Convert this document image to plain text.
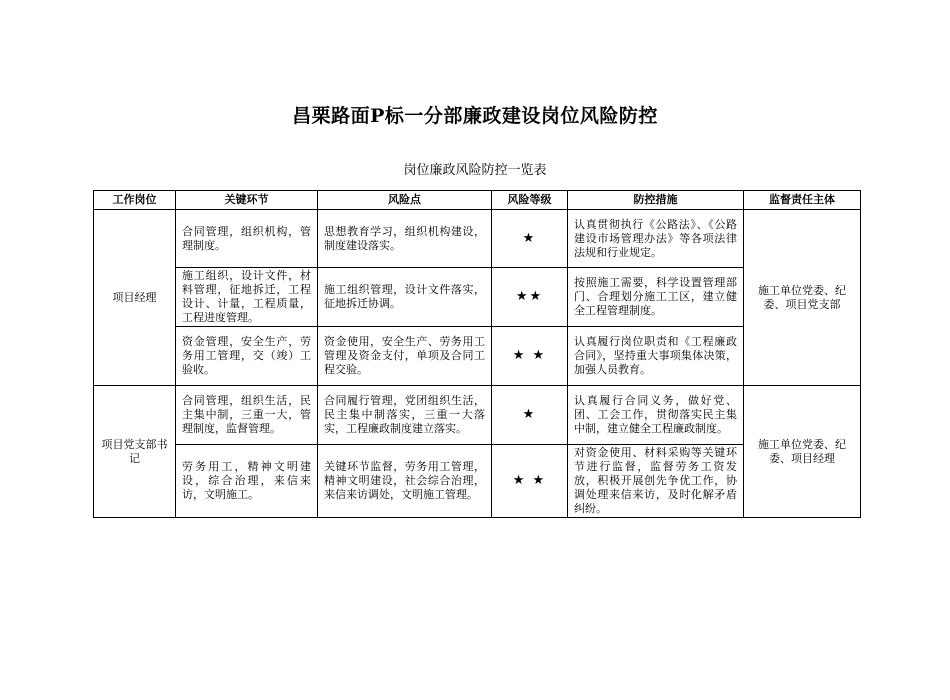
昌栗路面P标一分部廉政建设岗位风险防控
岗位廉政风险防控一览表
工作岗位	关键环节	风险点	风险等级	防控措施	监督责任主体
项目经理	合同管理，组织机构，管理制度。	思想教育学习，组织机构建设，制度建设落实。	★	认真贯彻执行《公路法》、《公路建设市场管理办法》等各项法律法规和行业规定。	施工单位党委、纪委、项目党支部
	施工组织，设计文件，材料管理，征地拆迁，工程设计、计量，工程质量，工程进度管理。	施工组织管理，设计文件落实，征地拆迁协调。	★★	按照施工需要，科学设置管理部门、合理划分施工工区，建立健全工程管理制度。	
	资金管理，安全生产，劳务用工管理，交（竣）工验收。	资金使用，安全生产、劳务用工管理及资金支付，单项及合同工程交验。	★ ★	认真履行岗位职责和《工程廉政合同》，坚持重大事项集体决策，加强人员教育。	
项目党支部书记	合同管理，组织生活，民主集中制，三重一大，管理制度，监督管理。	合同履行管理，党团组织生活，民主集中制落实，三重一大落实，工程廉政制度建立落实。	★	认真履行合同义务，做好党、团、工会工作，贯彻落实民主集中制，建立健全工程廉政制度。	施工单位党委、纪委、项目经理
	劳务用工，精神文明建设，综合治理，来信来访，文明施工。	关键环节监督，劳务用工管理，精神文明建设，社会综合治理，来信来访调处，文明施工管理。	★ ★	对资金使用、材料采购等关键环节进行监督，监督劳务工资发放，积极开展创先争优工作，协调处理来信来访，及时化解矛盾纠纷。	
